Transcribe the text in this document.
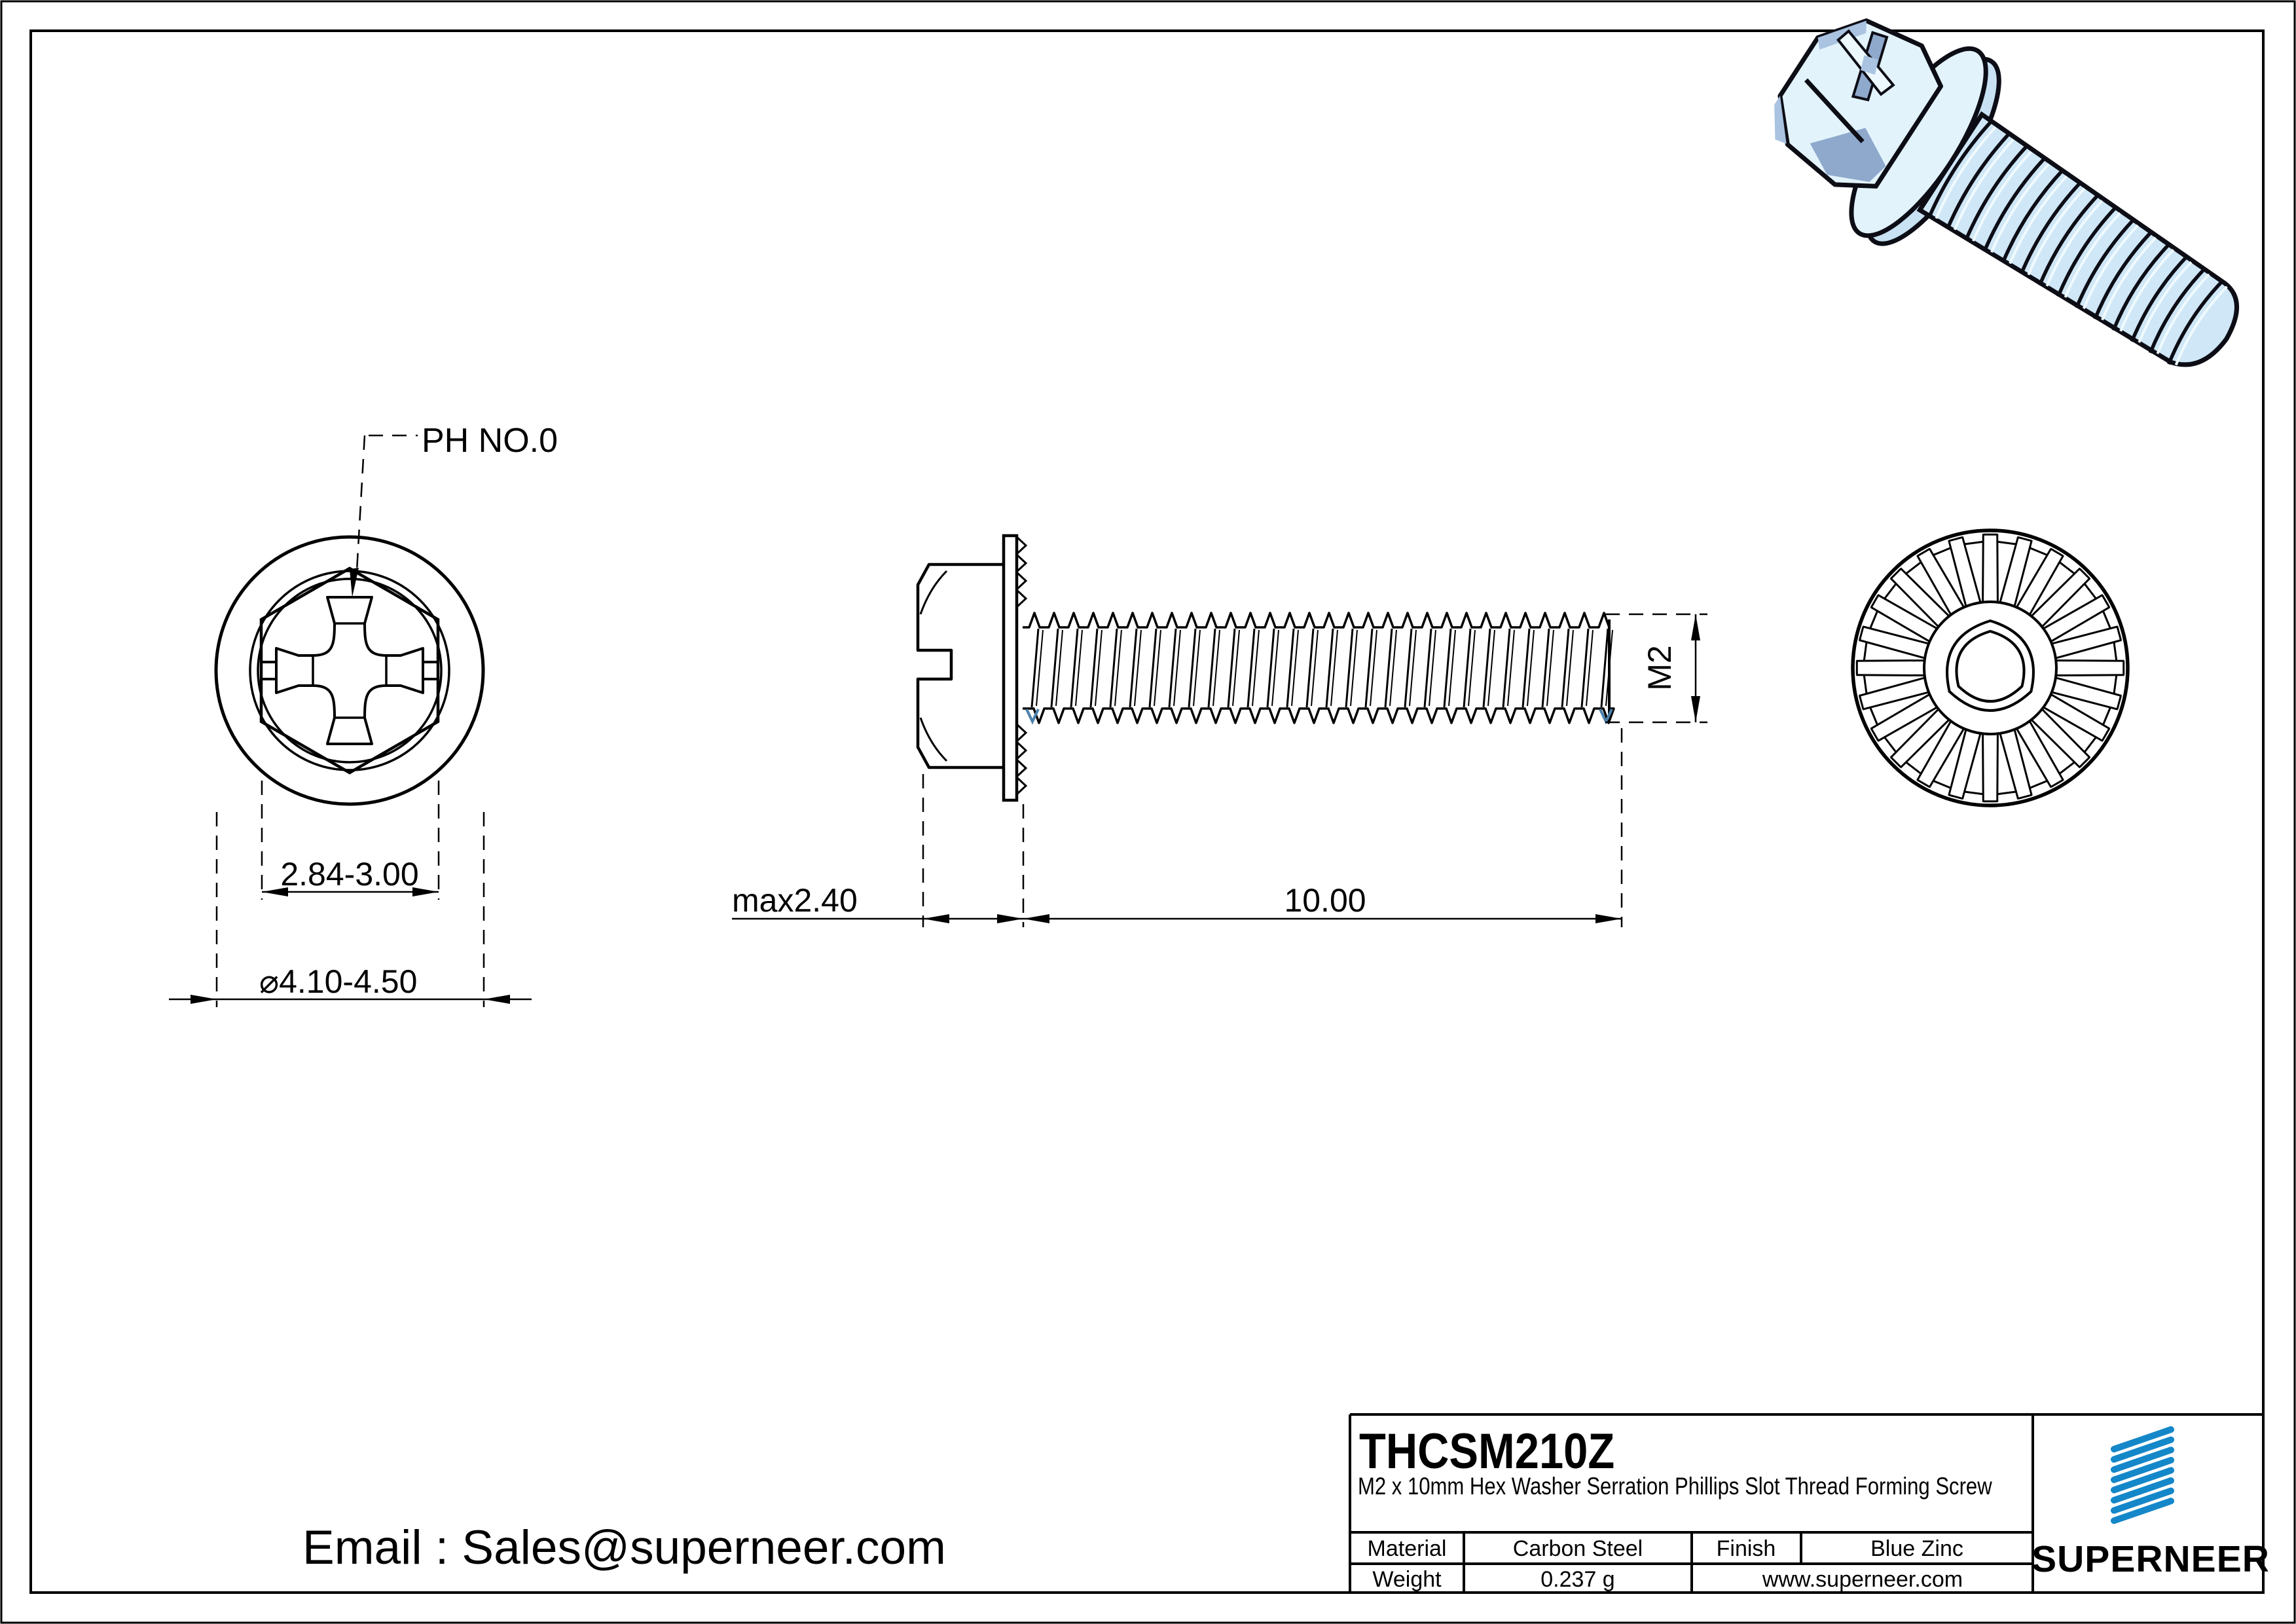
PH NO.0
2.84-3.00
⌀4.10-4.50
max2.40	10.00
M2
THCSM210Z
M2 x 10mm Hex Washer Serration Phillips Slot Thread Forming Screw
Material	Carbon Steel	Finish	Blue Zinc
Weight	0.237 g	www.superneer.com SUPERNEER
Email : Sales@superneer.com
